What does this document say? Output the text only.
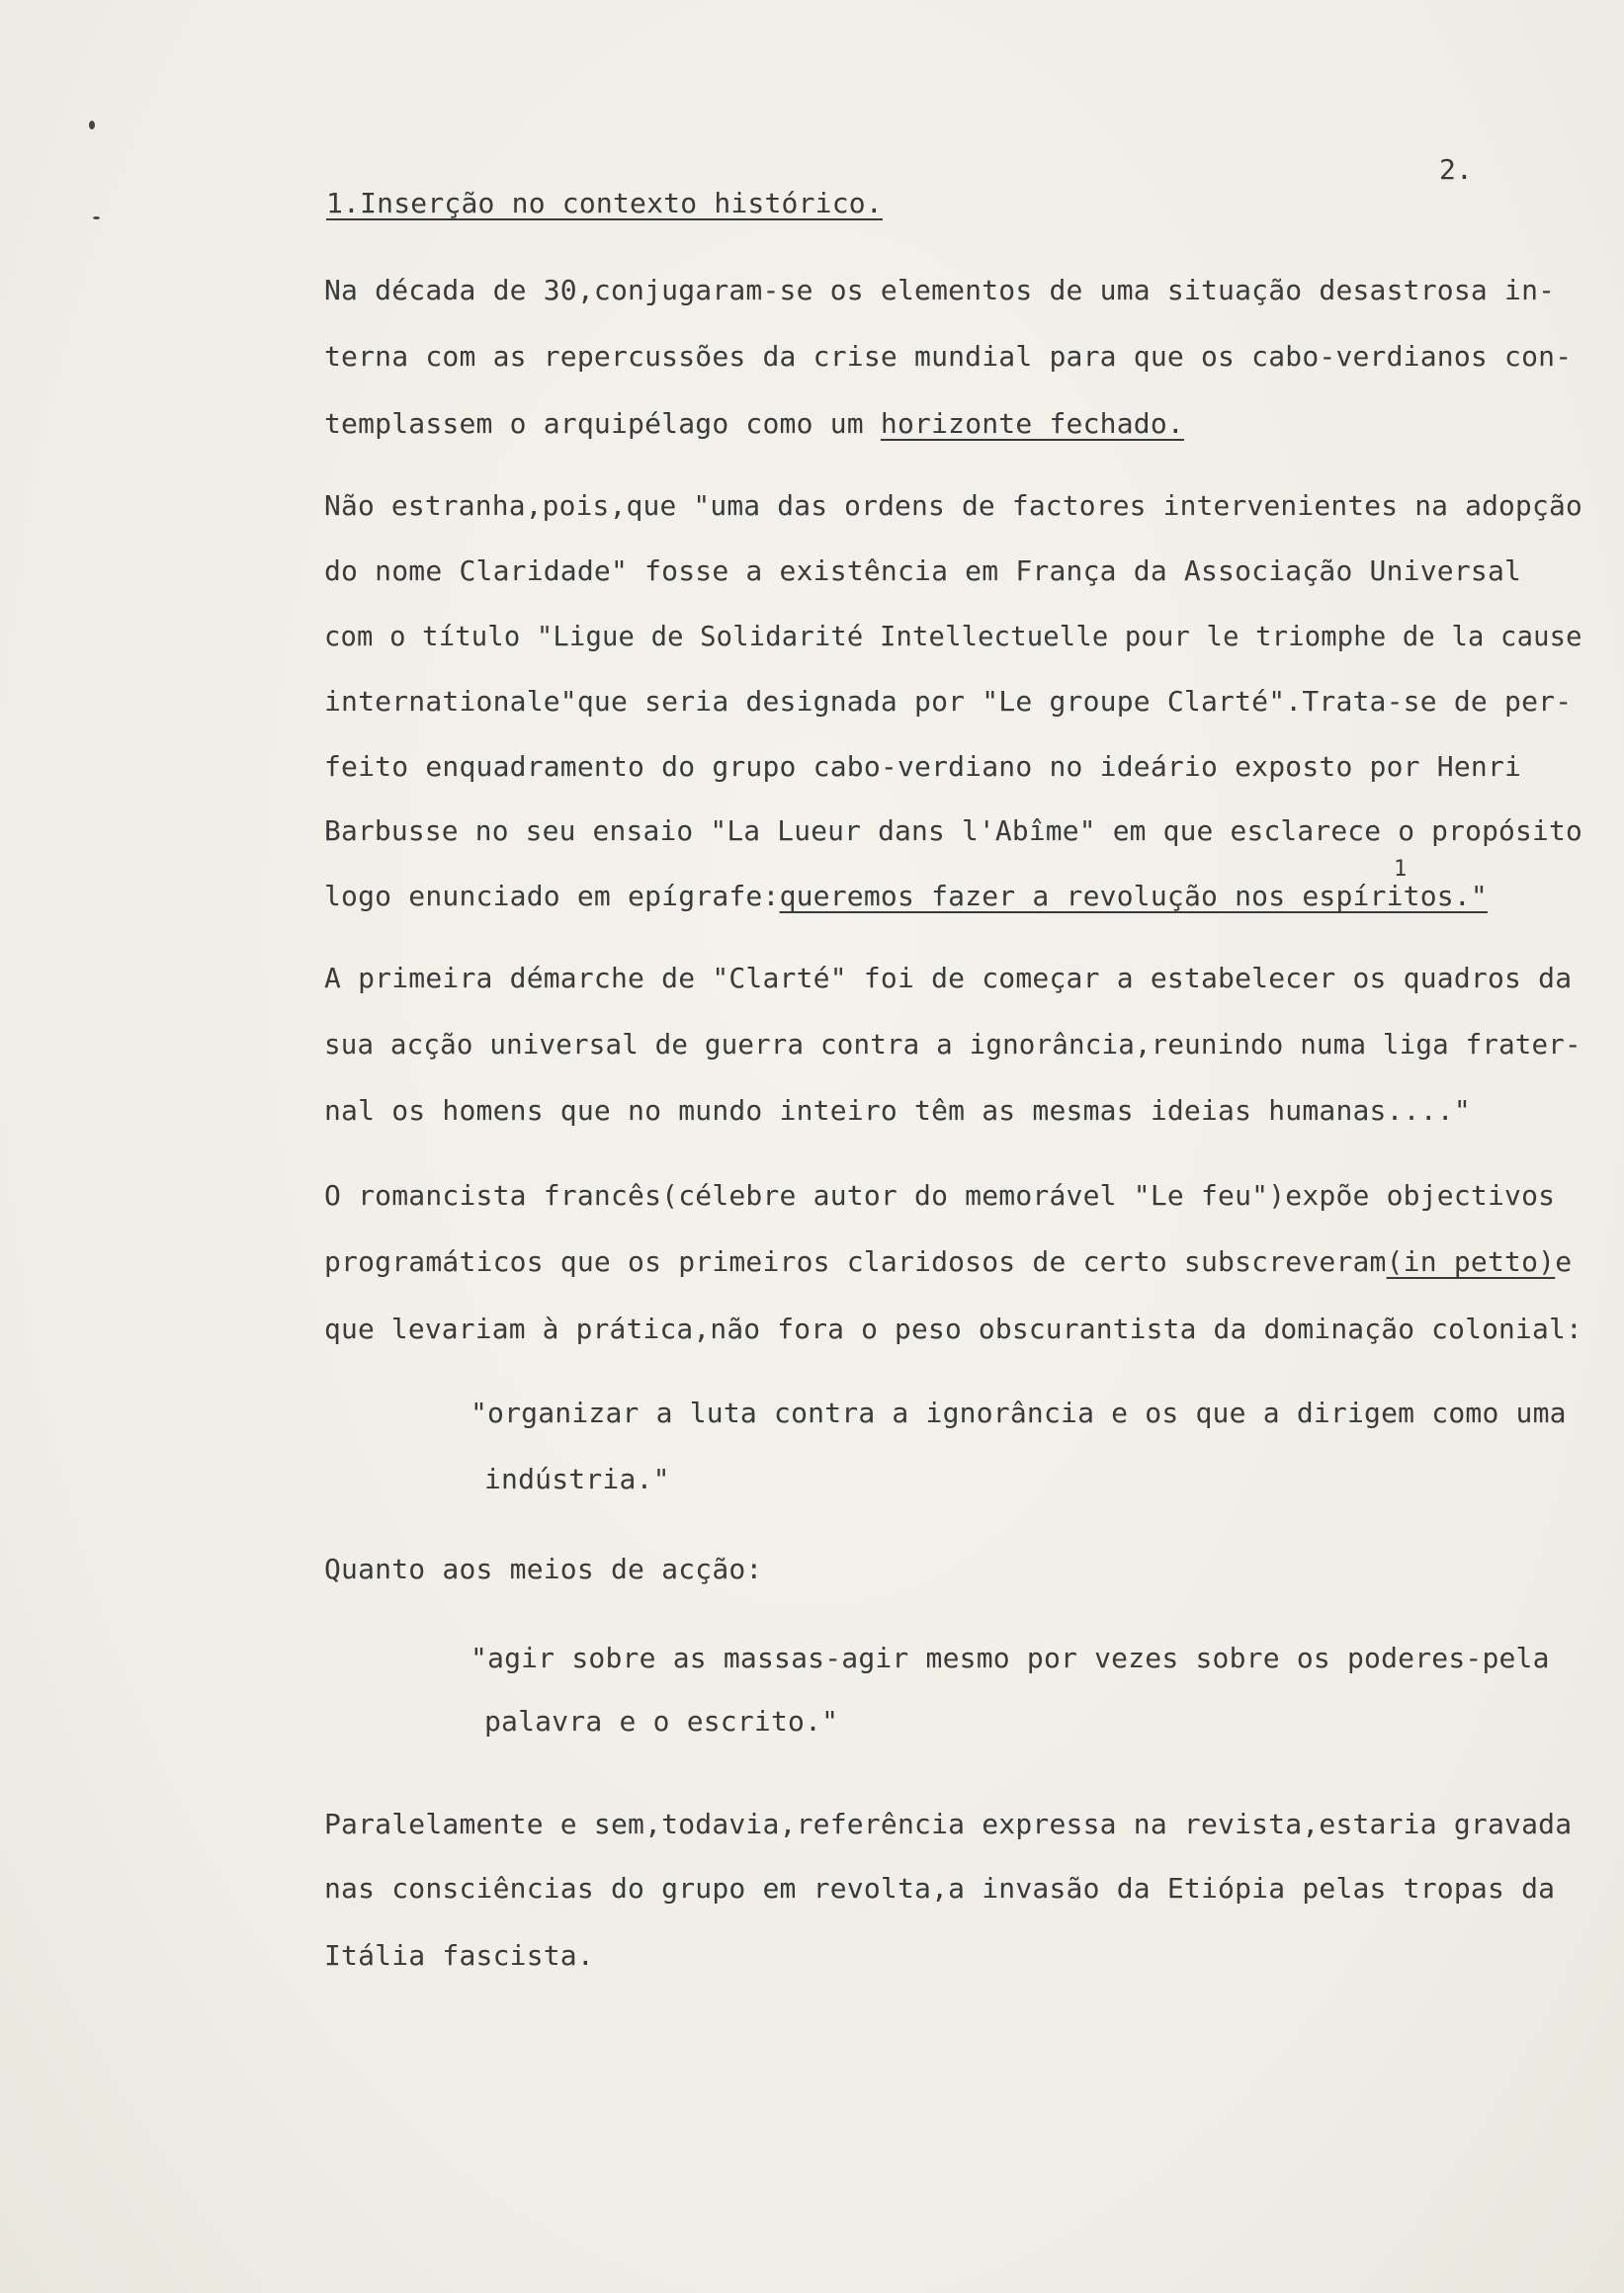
2.
1.Inserção no contexto histórico.
Na década de 30,conjugaram-se os elementos de uma situação desastrosa in-
terna com as repercussões da crise mundial para que os cabo-verdianos con-
templassem o arquipélago como um horizonte fechado.
Não estranha,pois,que "uma das ordens de factores intervenientes na adopção
do nome Claridade" fosse a existência em França da Associação Universal
com o título "Ligue de Solidarité Intellectuelle pour le triomphe de la cause
internationale"que seria designada por "Le groupe Clarté".Trata-se de per-
feito enquadramento do grupo cabo-verdiano no ideário exposto por Henri
Barbusse no seu ensaio "La Lueur dans l'Abîme" em que esclarece o propósito
logo enunciado em epígrafe:queremos fazer a revolução nos espíritos."
1
A primeira démarche de "Clarté" foi de começar a estabelecer os quadros da
sua acção universal de guerra contra a ignorância,reunindo numa liga frater-
nal os homens que no mundo inteiro têm as mesmas ideias humanas...."
O romancista francês(célebre autor do memorável "Le feu")expõe objectivos
programáticos que os primeiros claridosos de certo subscreveram(in petto)e
que levariam à prática,não fora o peso obscurantista da dominação colonial:
"organizar a luta contra a ignorância e os que a dirigem como uma
indústria."
Quanto aos meios de acção:
"agir sobre as massas-agir mesmo por vezes sobre os poderes-pela
palavra e o escrito."
Paralelamente e sem,todavia,referência expressa na revista,estaria gravada
nas consciências do grupo em revolta,a invasão da Etiópia pelas tropas da
Itália fascista.
